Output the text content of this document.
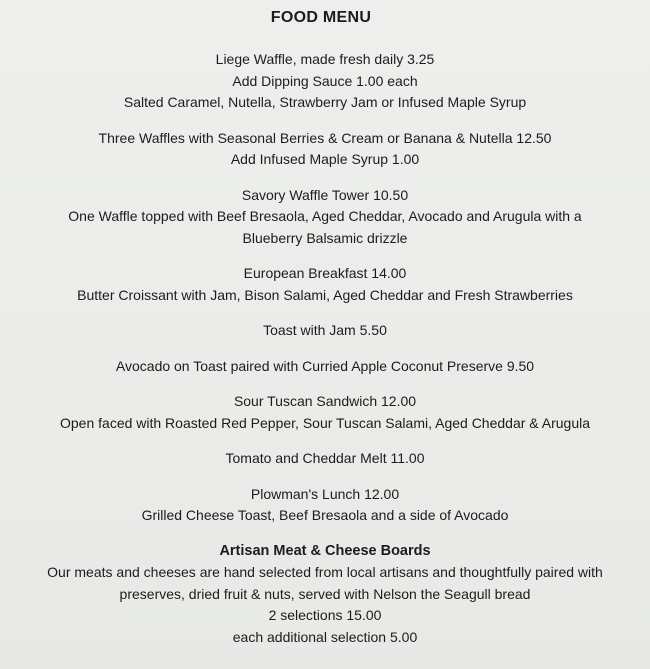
FOOD MENU
Liege Waffle, made fresh daily 3.25
Add Dipping Sauce 1.00 each
Salted Caramel, Nutella, Strawberry Jam or Infused Maple Syrup
Three Waffles with Seasonal Berries & Cream or Banana & Nutella 12.50
Add Infused Maple Syrup 1.00
Savory Waffle Tower 10.50
One Waffle topped with Beef Bresaola, Aged Cheddar, Avocado and Arugula with a
Blueberry Balsamic drizzle
European Breakfast 14.00
Butter Croissant with Jam, Bison Salami, Aged Cheddar and Fresh Strawberries
Toast with Jam 5.50
Avocado on Toast paired with Curried Apple Coconut Preserve 9.50
Sour Tuscan Sandwich 12.00
Open faced with Roasted Red Pepper, Sour Tuscan Salami, Aged Cheddar & Arugula
Tomato and Cheddar Melt 11.00
Plowman's Lunch 12.00
Grilled Cheese Toast, Beef Bresaola and a side of Avocado
Artisan Meat & Cheese Boards
Our meats and cheeses are hand selected from local artisans and thoughtfully paired with
preserves, dried fruit & nuts, served with Nelson the Seagull bread
2 selections 15.00
each additional selection 5.00
